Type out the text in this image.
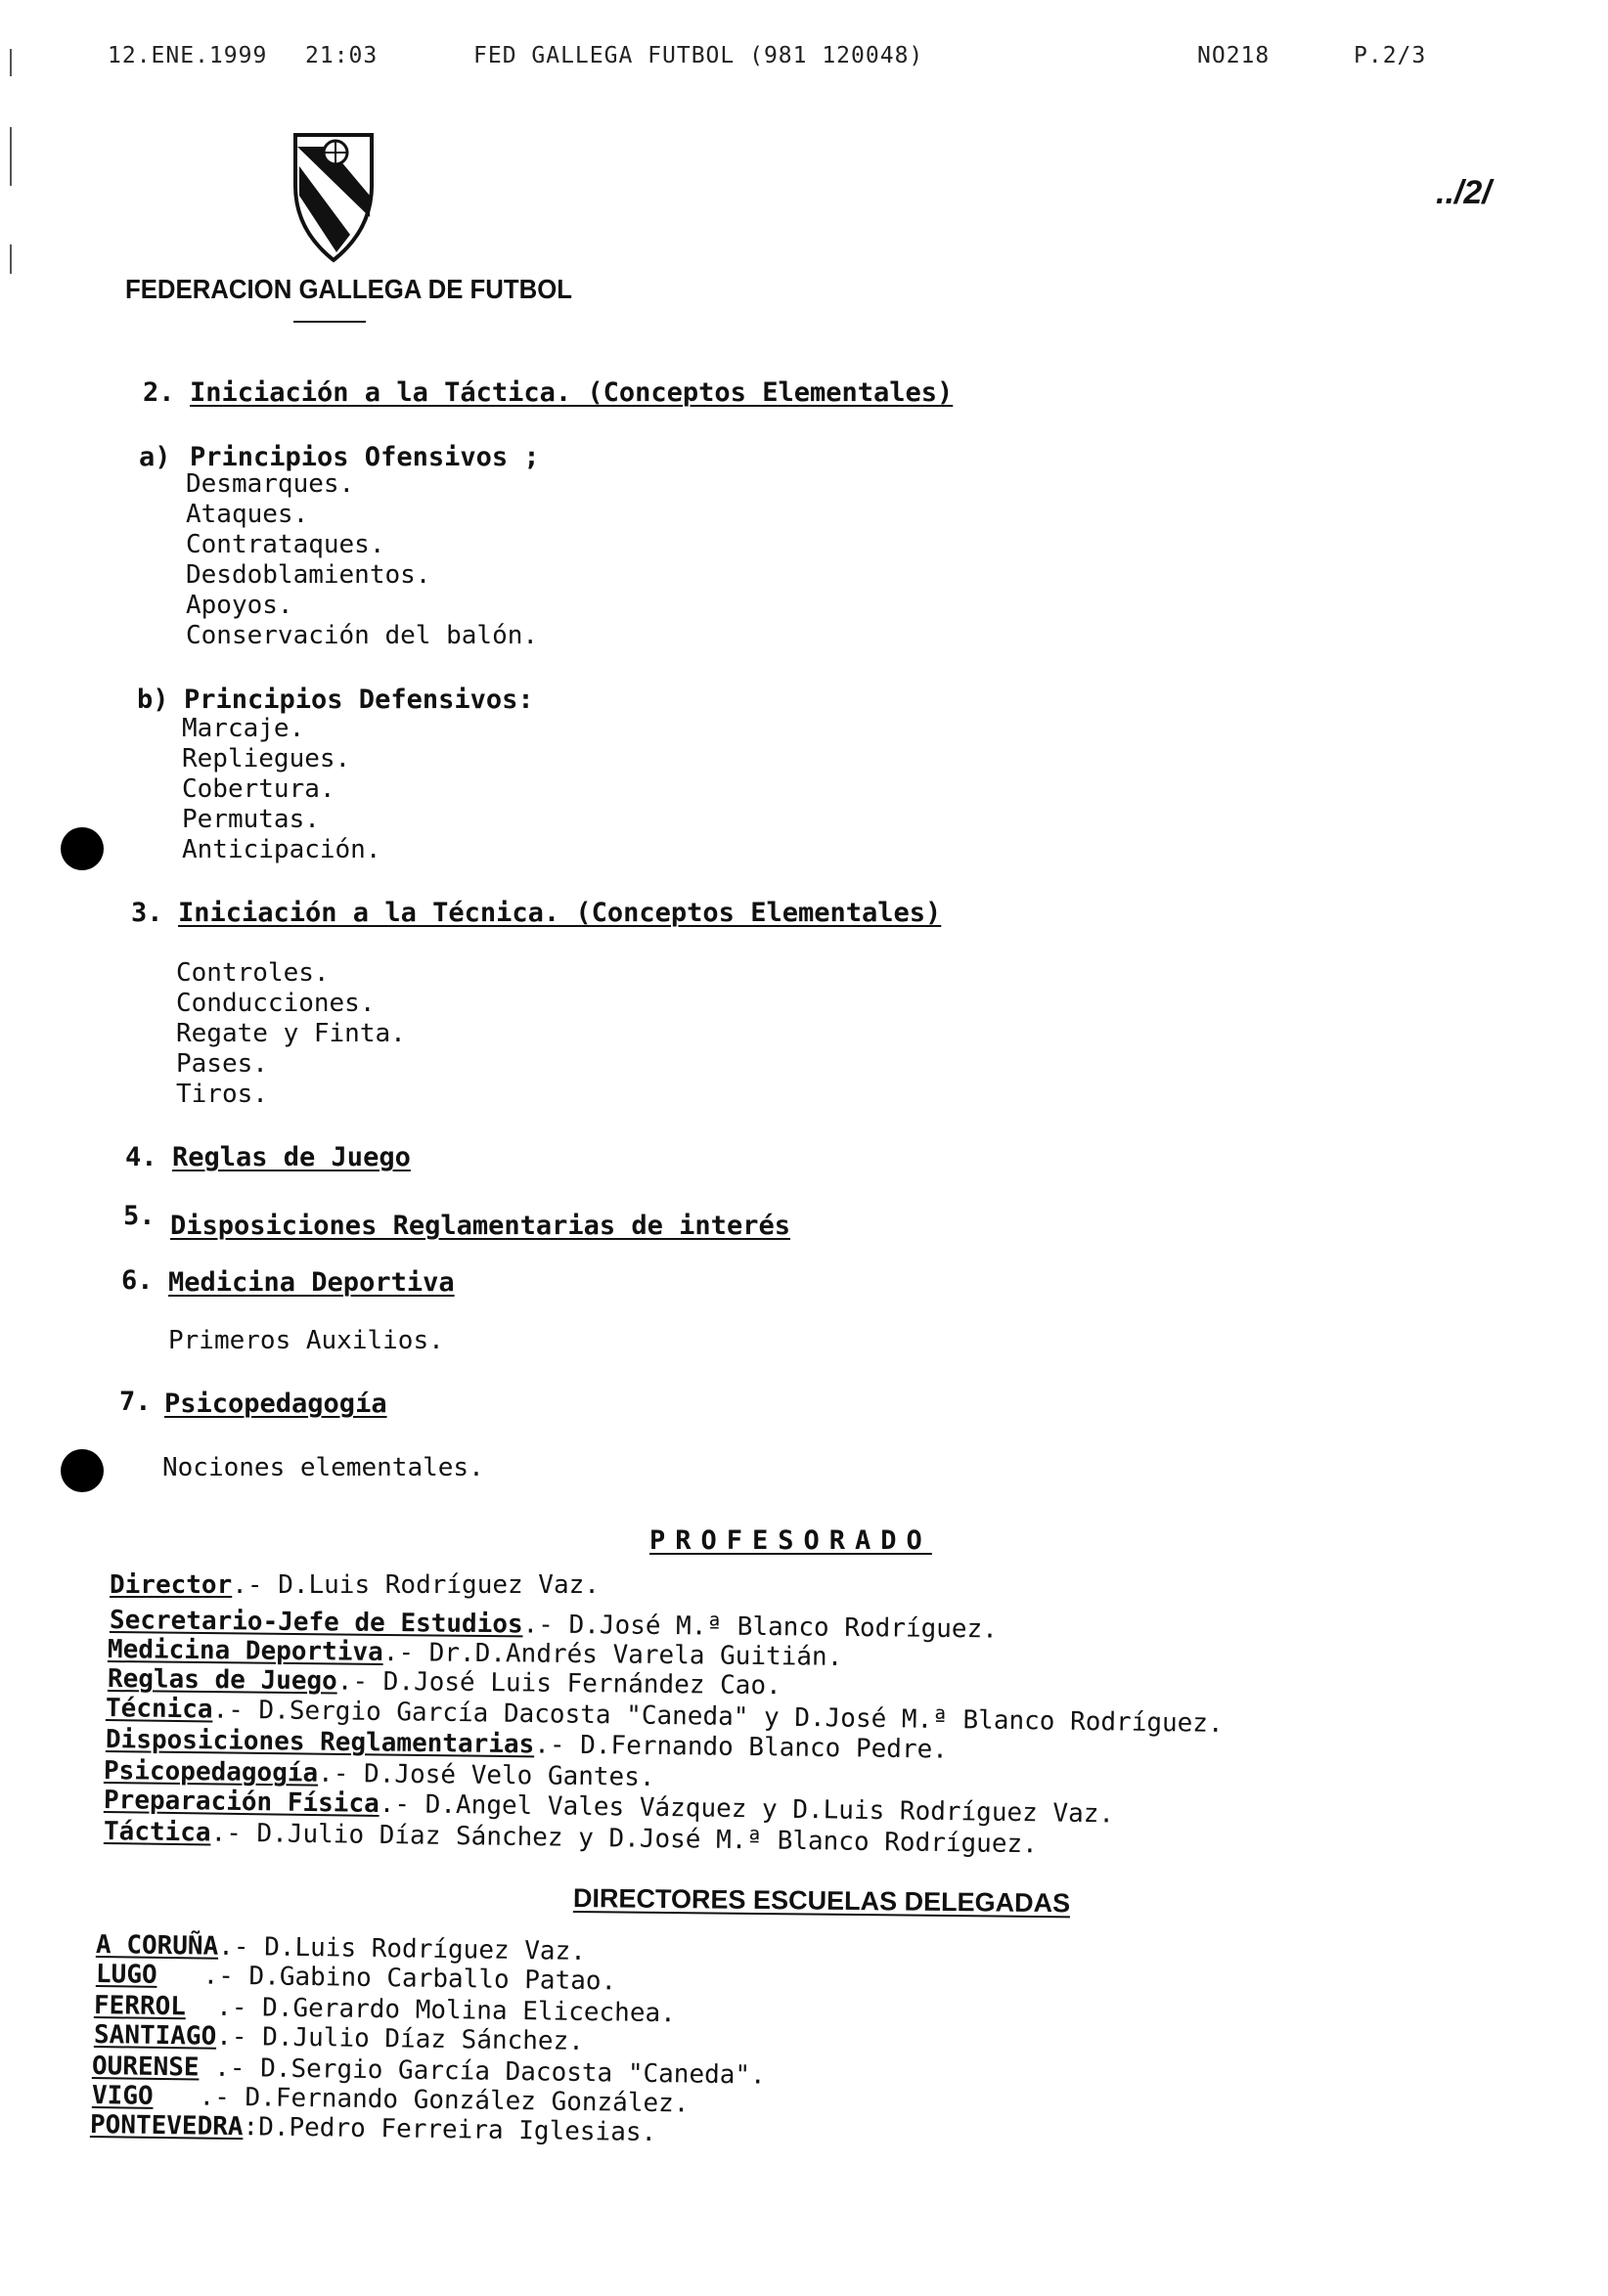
12.ENE.1999 21:03	FED GALLEGA FUTBOL (981 120048)	NO218	P.2/3
FEDERACION GALLEGA DE FUTBOL
../2/
2. Iniciación a la Táctica. (Conceptos Elementales)
a) Principios Ofensivos ;
Desmarques.
Ataques.
Contrataques.
Desdoblamientos.
Apoyos.
Conservación del balón.
b) Principios Defensivos:
Marcaje.
Repliegues.
Cobertura.
Permutas.
Anticipación.
3. Iniciación a la Técnica. (Conceptos Elementales)
Controles.
Conducciones.
Regate y Finta.
Pases.
Tiros.
4. Reglas de Juego
5. Disposiciones Reglamentarias de interés
6. Medicina Deportiva
Primeros Auxilios.
7. Psicopedagogía
Nociones elementales.
PROFESORADO
Director.- D.Luis Rodríguez Vaz.
Secretario-Jefe de Estudios.- D.José M.ª Blanco Rodríguez.
Medicina Deportiva.- Dr.D.Andrés Varela Guitián.
Reglas de Juego.- D.José Luis Fernández Cao.
Técnica.- D.Sergio García Dacosta "Caneda" y D.José M.ª Blanco Rodríguez.
Disposiciones Reglamentarias.- D.Fernando Blanco Pedre.
Psicopedagogía.- D.José Velo Gantes.
Preparación Física.- D.Angel Vales Vázquez y D.Luis Rodríguez Vaz.
Táctica.- D.Julio Díaz Sánchez y D.José M.ª Blanco Rodríguez.
DIRECTORES ESCUELAS DELEGADAS
A CORUÑA.- D.Luis Rodríguez Vaz.
LUGO   .- D.Gabino Carballo Patao.
FERROL  .- D.Gerardo Molina Elicechea.
SANTIAGO.- D.Julio Díaz Sánchez.
OURENSE .- D.Sergio García Dacosta "Caneda".
VIGO   .- D.Fernando González González.
PONTEVEDRA:D.Pedro Ferreira Iglesias.
